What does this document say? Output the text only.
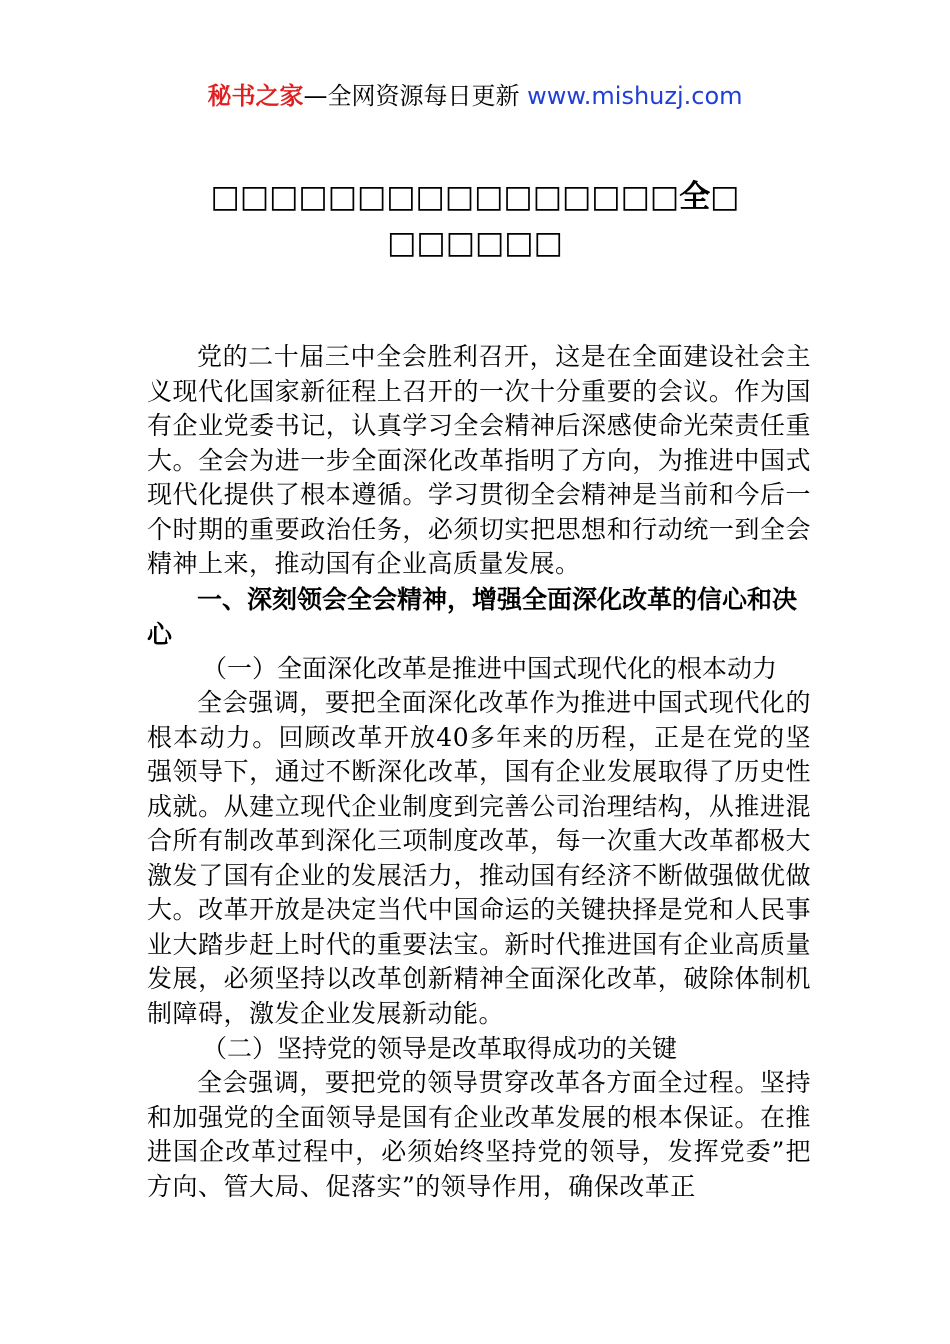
秘书之家—全网资源每日更新 www.mishuzj.com
□□□□□□□□□□□□□□□□全□
□□□□□□
党的二十届三中全会胜利召开，这是在全面建设社会主义现代化国家新征程上召开的一次十分重要的会议。作为国有企业党委书记，认真学习全会精神后深感使命光荣责任重大。全会为进一步全面深化改革指明了方向，为推进中国式现代化提供了根本遵循。学习贯彻全会精神是当前和今后一个时期的重要政治任务，必须切实把思想和行动统一到全会精神上来，推动国有企业高质量发展。
一、深刻领会全会精神，增强全面深化改革的信心和决心
（一）全面深化改革是推进中国式现代化的根本动力
全会强调，要把全面深化改革作为推进中国式现代化的根本动力。回顾改革开放40多年来的历程，正是在党的坚强领导下，通过不断深化改革，国有企业发展取得了历史性成就。从建立现代企业制度到完善公司治理结构，从推进混合所有制改革到深化三项制度改革，每一次重大改革都极大激发了国有企业的发展活力，推动国有经济不断做强做优做大。改革开放是决定当代中国命运的关键抉择是党和人民事业大踏步赶上时代的重要法宝。新时代推进国有企业高质量发展，必须坚持以改革创新精神全面深化改革，破除体制机制障碍，激发企业发展新动能。
（二）坚持党的领导是改革取得成功的关键
全会强调，要把党的领导贯穿改革各方面全过程。坚持和加强党的全面领导是国有企业改革发展的根本保证。在推进国企改革过程中，必须始终坚持党的领导，发挥党委”把方向、管大局、促落实”的领导作用，确保改革正
